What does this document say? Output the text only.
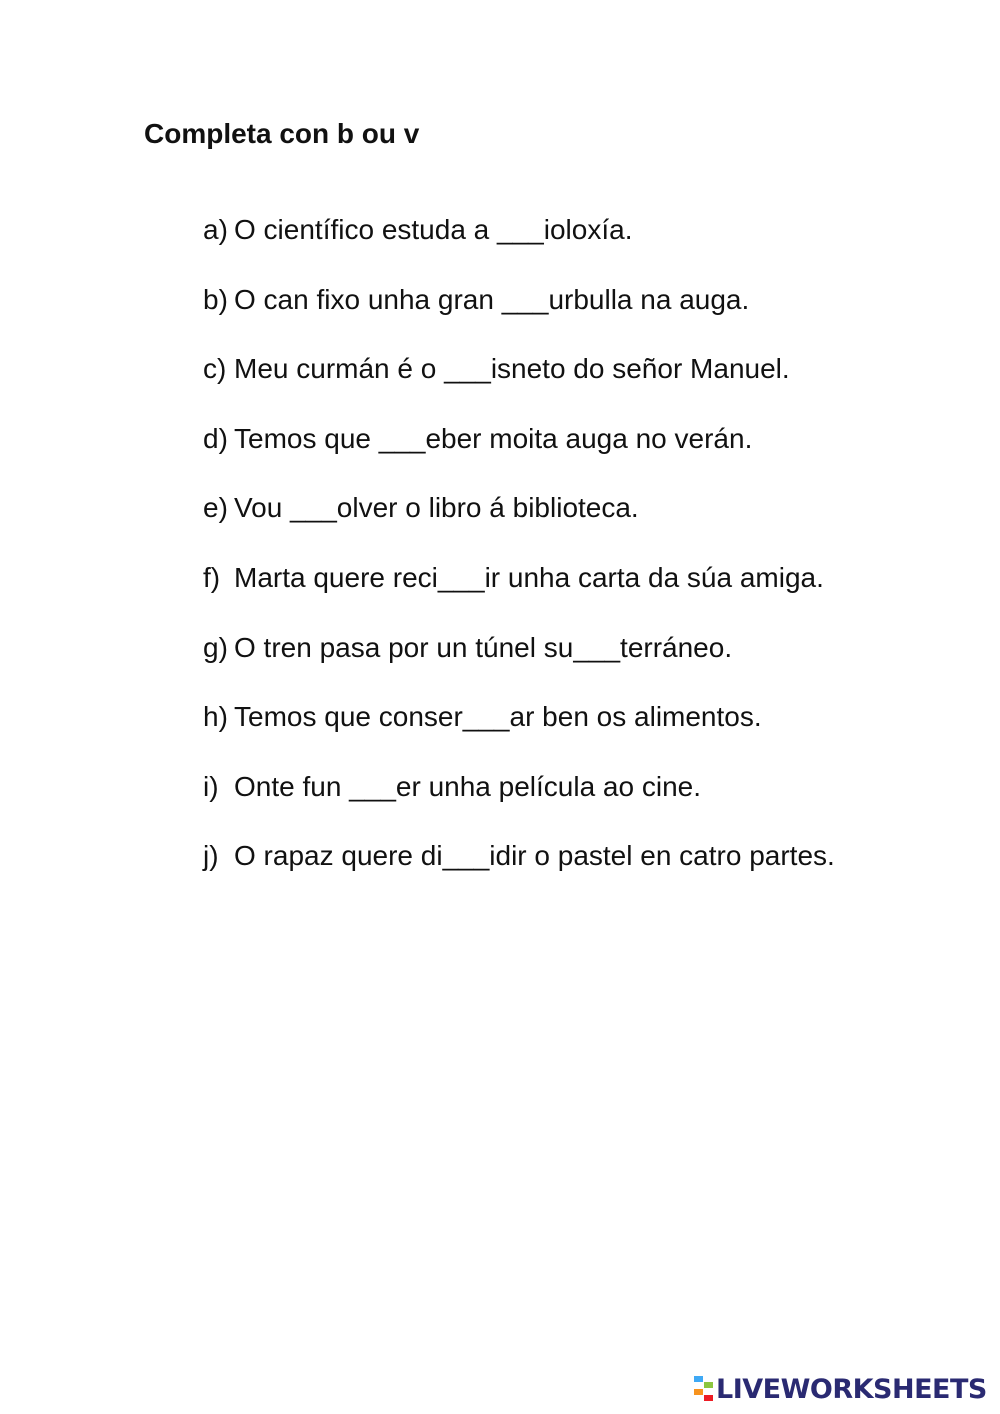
Completa con b ou v
a) O científico estuda a ___ioloxía.
b) O can fixo unha gran ___urbulla na auga.
c) Meu curmán é o ___isneto do señor Manuel.
d) Temos que ___eber moita auga no verán.
e) Vou ___olver o libro á biblioteca.
f) Marta quere reci___ir unha carta da súa amiga.
g) O tren pasa por un túnel su___terráneo.
h) Temos que conser___ar ben os alimentos.
i) Onte fun ___er unha película ao cine.
j) O rapaz quere di___idir o pastel en catro partes.
LIVEWORKSHEETS
